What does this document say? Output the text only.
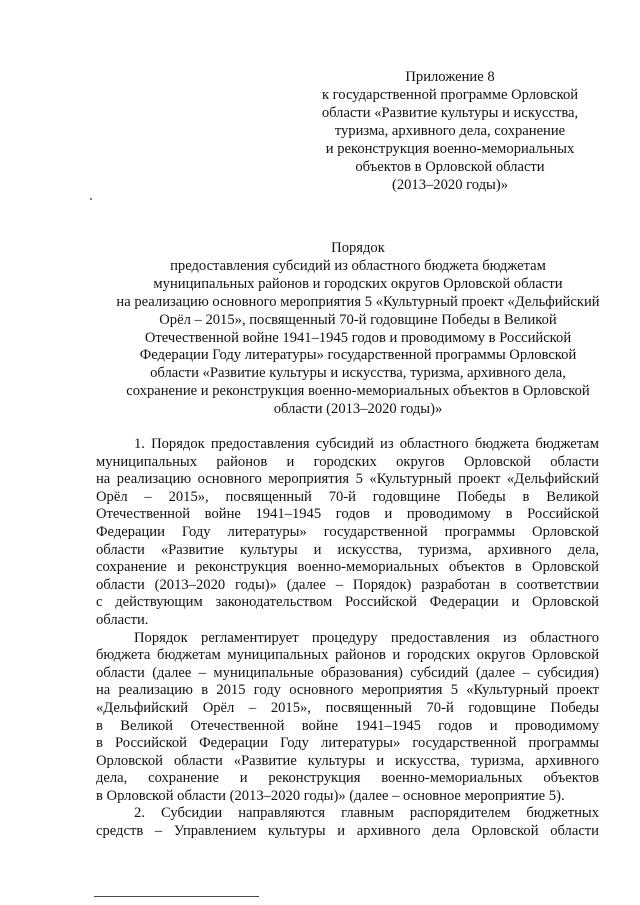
Приложение 8
к государственной программе Орловской
области «Развитие культуры и искусства,
туризма, архивного дела, сохранение
и реконструкция военно-мемориальных
объектов в Орловской области
(2013–2020 годы)»
Порядок
предоставления субсидий из областного бюджета бюджетам
муниципальных районов и городских округов Орловской области
на реализацию основного мероприятия 5 «Культурный проект «Дельфийский
Орёл – 2015», посвященный 70-й годовщине Победы в Великой
Отечественной войне 1941–1945 годов и проводимому в Российской
Федерации Году литературы» государственной программы Орловской
области «Развитие культуры и искусства, туризма, архивного дела,
сохранение и реконструкция военно-мемориальных объектов в Орловской
области (2013–2020 годы)»

1. Порядок предоставления субсидий из областного бюджета бюджетам
муниципальных районов и городских округов Орловской области
на реализацию основного мероприятия 5 «Культурный проект «Дельфийский
Орёл – 2015», посвященный 70-й годовщине Победы в Великой
Отечественной войне 1941–1945 годов и проводимому в Российской
Федерации Году литературы» государственной программы Орловской
области «Развитие культуры и искусства, туризма, архивного дела,
сохранение и реконструкция военно-мемориальных объектов в Орловской
области (2013–2020 годы)» (далее – Порядок) разработан в соответствии
с действующим законодательством Российской Федерации и Орловской
области.

Порядок регламентирует процедуру предоставления из областного
бюджета бюджетам муниципальных районов и городских округов Орловской
области (далее – муниципальные образования) субсидий (далее – субсидия)
на реализацию в 2015 году основного мероприятия 5 «Культурный проект
«Дельфийский Орёл – 2015», посвященный 70-й годовщине Победы
в Великой Отечественной войне 1941–1945 годов и проводимому
в Российской Федерации Году литературы» государственной программы
Орловской области «Развитие культуры и искусства, туризма, архивного
дела, сохранение и реконструкция военно-мемориальных объектов
в Орловской области (2013–2020 годы)» (далее – основное мероприятие 5).

2. Субсидии направляются главным распорядителем бюджетных
средств – Управлением культуры и архивного дела Орловской области
